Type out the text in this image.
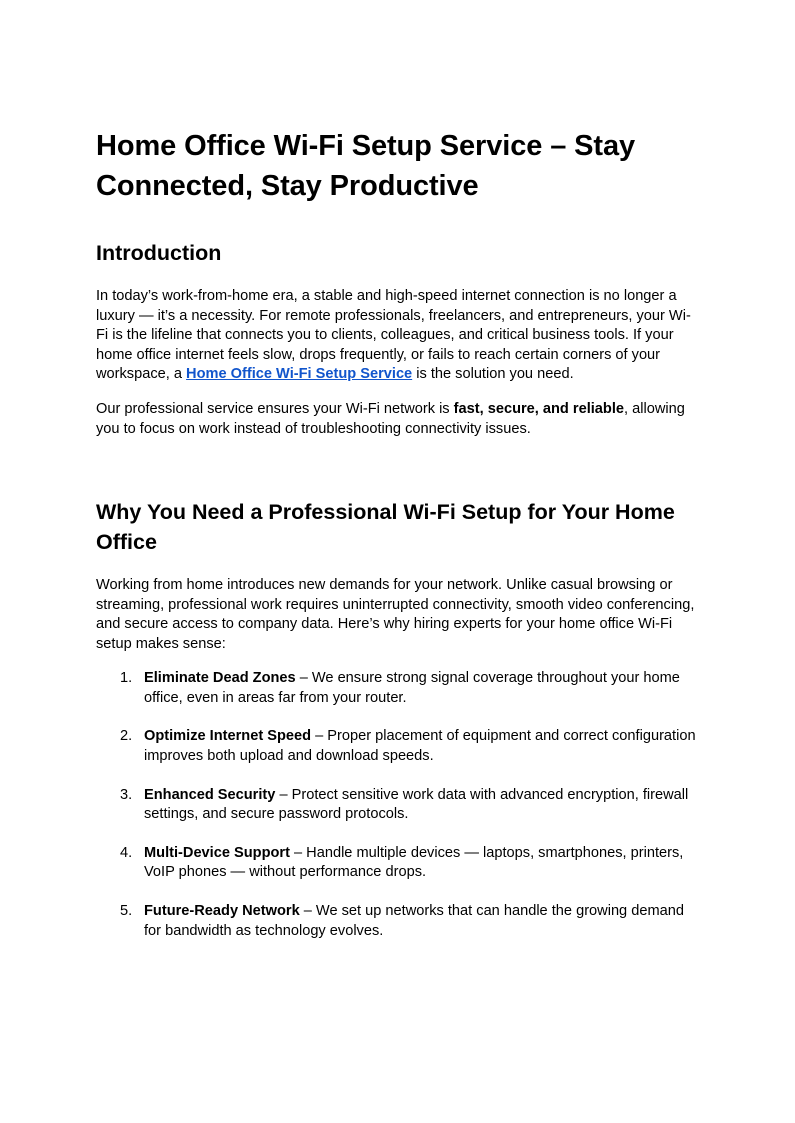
Home Office Wi-Fi Setup Service – Stay Connected, Stay Productive
Introduction

In today’s work-from-home era, a stable and high-speed internet connection is no longer a luxury — it’s a necessity. For remote professionals, freelancers, and entrepreneurs, your Wi-Fi is the lifeline that connects you to clients, colleagues, and critical business tools. If your home office internet feels slow, drops frequently, or fails to reach certain corners of your workspace, a Home Office Wi-Fi Setup Service is the solution you need.

Our professional service ensures your Wi-Fi network is fast, secure, and reliable, allowing you to focus on work instead of troubleshooting connectivity issues.

Why You Need a Professional Wi-Fi Setup for Your Home Office

Working from home introduces new demands for your network. Unlike casual browsing or streaming, professional work requires uninterrupted connectivity, smooth video conferencing, and secure access to company data. Here’s why hiring experts for your home office Wi-Fi setup makes sense:

1. Eliminate Dead Zones – We ensure strong signal coverage throughout your home office, even in areas far from your router.
2. Optimize Internet Speed – Proper placement of equipment and correct configuration improves both upload and download speeds.
3. Enhanced Security – Protect sensitive work data with advanced encryption, firewall settings, and secure password protocols.
4. Multi-Device Support – Handle multiple devices — laptops, smartphones, printers, VoIP phones — without performance drops.
5. Future-Ready Network – We set up networks that can handle the growing demand for bandwidth as technology evolves.
